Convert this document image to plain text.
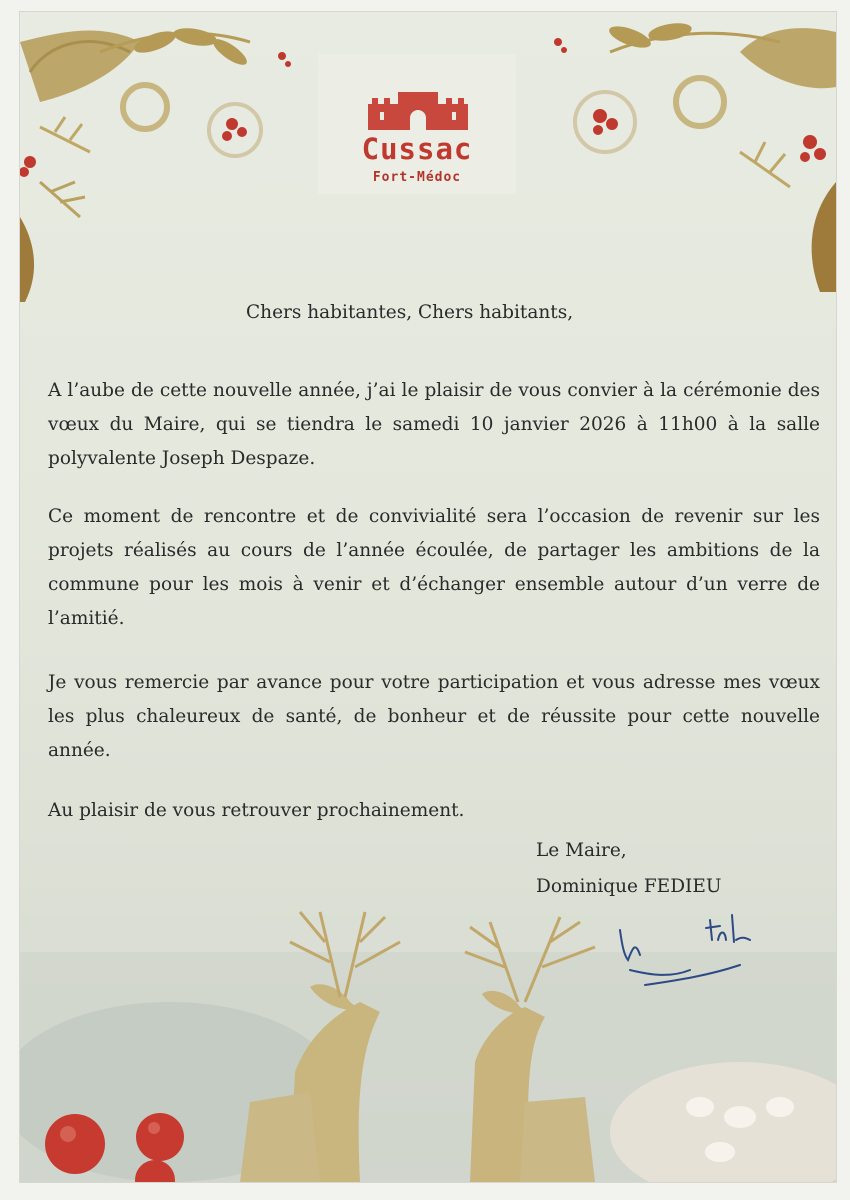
Cussac
Fort-Médoc
Chers habitantes, Chers habitants,
A l’aube de cette nouvelle année, j’ai le plaisir de vous convier à la cérémonie des vœux du Maire, qui se tiendra le samedi 10 janvier 2026 à 11h00 à la salle polyvalente Joseph Despaze.
Ce moment de rencontre et de convivialité sera l’occasion de revenir sur les projets réalisés au cours de l’année écoulée, de partager les ambitions de la commune pour les mois à venir et d’échanger ensemble autour d’un verre de l’amitié.
Je vous remercie par avance pour votre participation et vous adresse mes vœux les plus chaleureux de santé, de bonheur et de réussite pour cette nouvelle année.
Au plaisir de vous retrouver prochainement.
Le Maire,
Dominique FEDIEU
